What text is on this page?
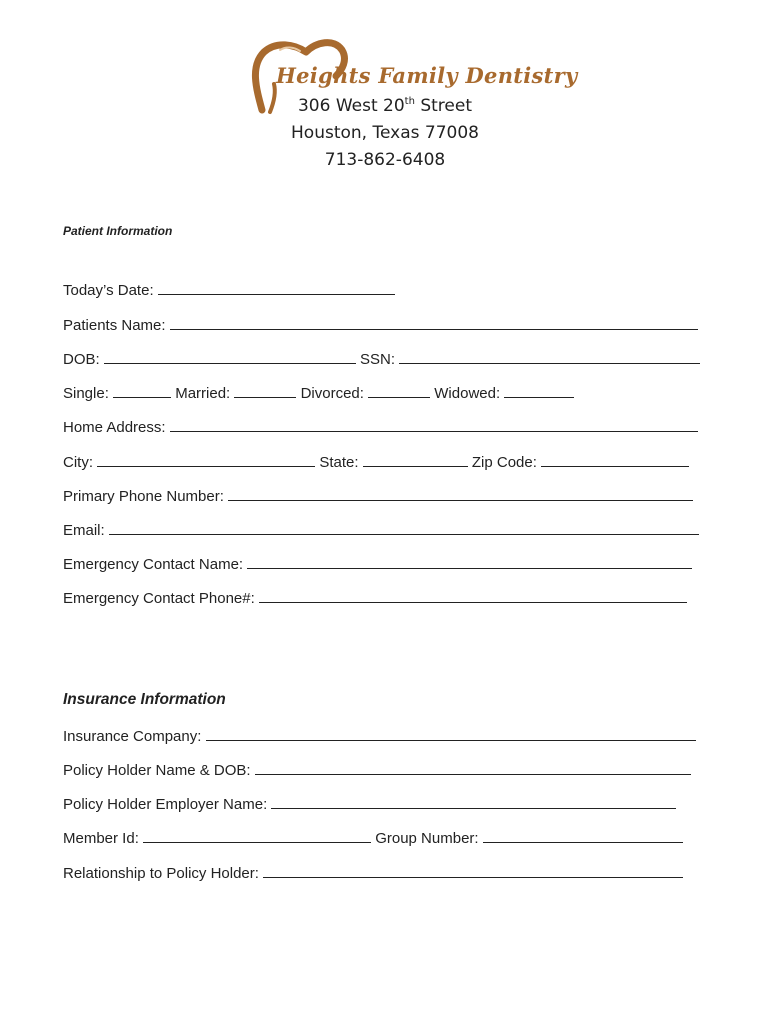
Heights Family Dentistry
306 West 20th Street
Houston, Texas 77008
713-862-6408
Patient Information
Today’s Date:
Patients Name:
DOB:	SSN:
Single:	Married:	Divorced:	Widowed:
Home Address:
City:	State:	Zip Code:
Primary Phone Number:
Email:
Emergency Contact Name:
Emergency Contact Phone#:
Insurance Information
Insurance Company:
Policy Holder Name & DOB:
Policy Holder Employer Name:
Member Id:	Group Number:
Relationship to Policy Holder:
